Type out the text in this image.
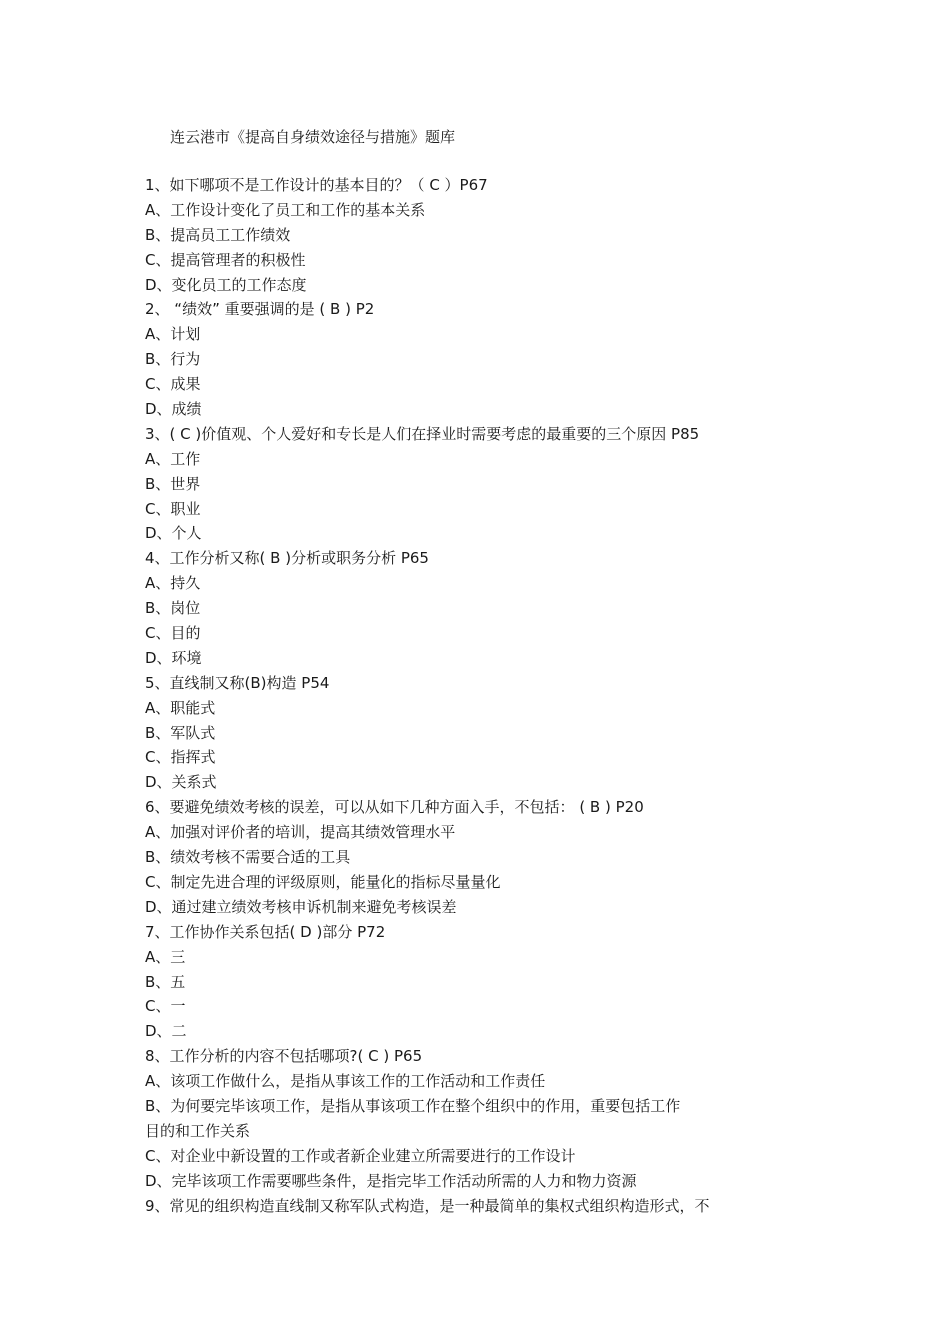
连云港市《提高自身绩效途径与措施》题库
1、如下哪项不是工作设计的基本目的？（ C ）P67
A、工作设计变化了员工和工作的基本关系
B、提高员工工作绩效
C、提高管理者的积极性
D、变化员工的工作态度
2、 “绩效” 重要强调的是 ( B ) P2
A、计划
B、行为
C、成果
D、成绩
3、( C )价值观、个人爱好和专长是人们在择业时需要考虑的最重要的三个原因 P85
A、工作
B、世界
C、职业
D、个人
4、工作分析又称( B )分析或职务分析 P65
A、持久
B、岗位
C、目的
D、环境
5、直线制又称(B)构造 P54
A、职能式
B、军队式
C、指挥式
D、关系式
6、要避免绩效考核的误差，可以从如下几种方面入手，不包括： ( B ) P20
A、加强对评价者的培训，提高其绩效管理水平
B、绩效考核不需要合适的工具
C、制定先进合理的评级原则，能量化的指标尽量量化
D、通过建立绩效考核申诉机制来避免考核误差
7、工作协作关系包括( D )部分 P72
A、三
B、五
C、一
D、二
8、工作分析的内容不包括哪项?( C ) P65
A、该项工作做什么，是指从事该工作的工作活动和工作责任
B、为何要完毕该项工作，是指从事该项工作在整个组织中的作用，重要包括工作
目的和工作关系
C、对企业中新设置的工作或者新企业建立所需要进行的工作设计
D、完毕该项工作需要哪些条件，是指完毕工作活动所需的人力和物力资源
9、常见的组织构造直线制又称军队式构造，是一种最简单的集权式组织构造形式，不
